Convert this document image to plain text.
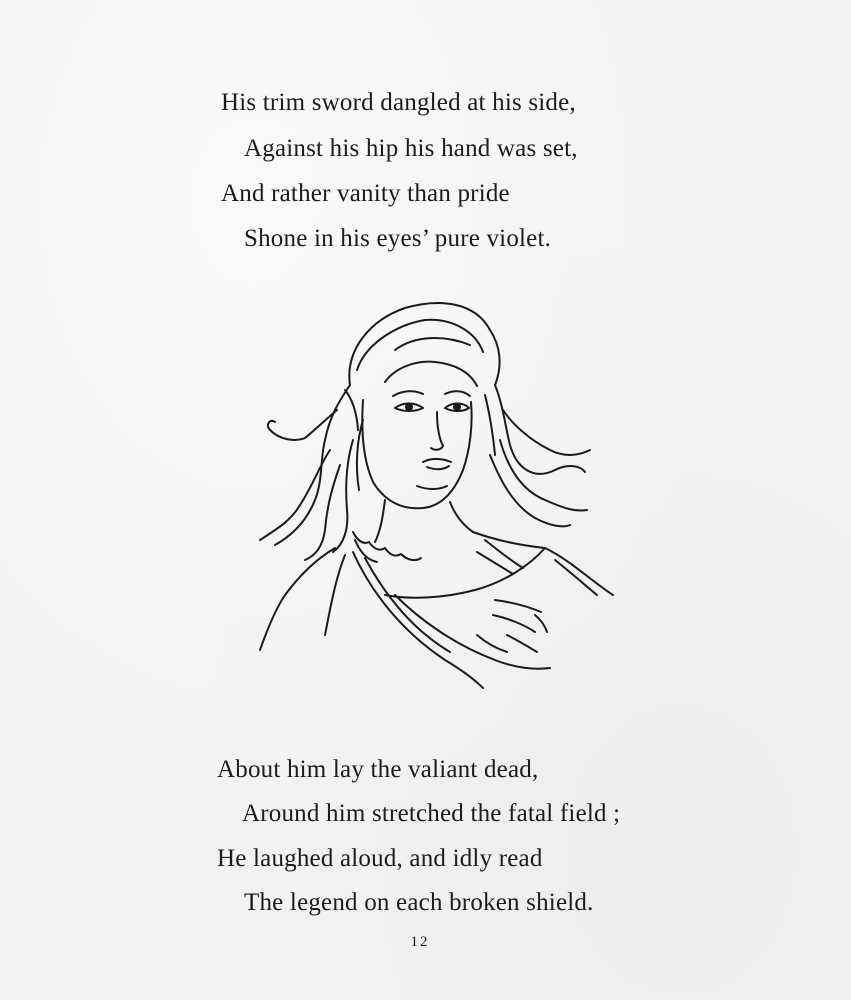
His trim sword dangled at his side,
Against his hip his hand was set,
And rather vanity than pride
Shone in his eyes’ pure violet.
About him lay the valiant dead,
Around him stretched the fatal field ;
He laughed aloud, and idly read
The legend on each broken shield.
12
